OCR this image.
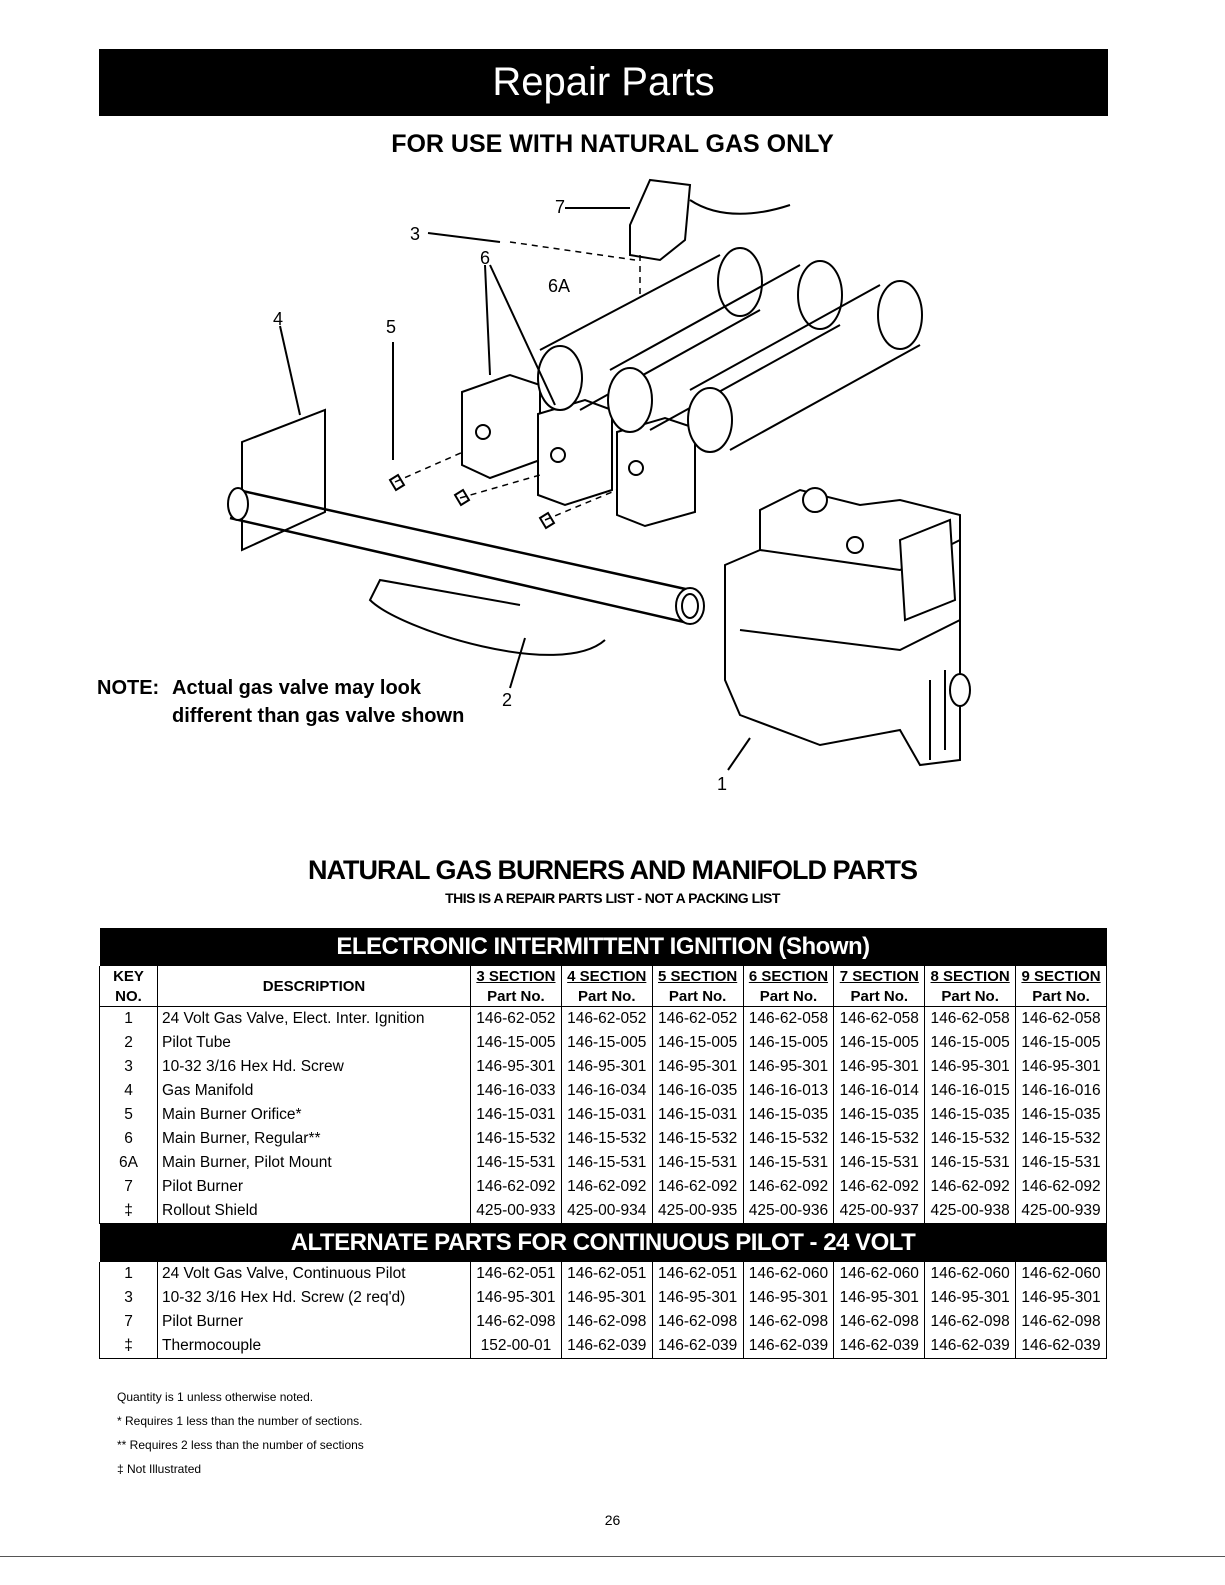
Repair Parts
FOR USE WITH NATURAL GAS ONLY
7
3
6
6A
4	5
2
1
NOTE: Actual gas valve may look
different than gas valve shown
NATURAL GAS BURNERS AND MANIFOLD PARTS
THIS IS A REPAIR PARTS LIST - NOT A PACKING LIST
ELECTRONIC INTERMITTENT IGNITION (Shown)								
KEY	DESCRIPTION	3 SECTION	4 SECTION	5 SECTION	6 SECTION	7 SECTION	8 SECTION	9 SECTION
NO.		Part No.	Part No.	Part No.	Part No.	Part No.	Part No.	Part No.
1	24 Volt Gas Valve, Elect. Inter. Ignition	146-62-052	146-62-052	146-62-052	146-62-058	146-62-058	146-62-058	146-62-058
2	Pilot Tube	146-15-005	146-15-005	146-15-005	146-15-005	146-15-005	146-15-005	146-15-005
3	10-32 3/16 Hex Hd. Screw	146-95-301	146-95-301	146-95-301	146-95-301	146-95-301	146-95-301	146-95-301
4	Gas Manifold	146-16-033	146-16-034	146-16-035	146-16-013	146-16-014	146-16-015	146-16-016
5	Main Burner Orifice*	146-15-031	146-15-031	146-15-031	146-15-035	146-15-035	146-15-035	146-15-035
6	Main Burner, Regular**	146-15-532	146-15-532	146-15-532	146-15-532	146-15-532	146-15-532	146-15-532
6A	Main Burner, Pilot Mount	146-15-531	146-15-531	146-15-531	146-15-531	146-15-531	146-15-531	146-15-531
7	Pilot Burner	146-62-092	146-62-092	146-62-092	146-62-092	146-62-092	146-62-092	146-62-092
‡	Rollout Shield	425-00-933	425-00-934	425-00-935	425-00-936	425-00-937	425-00-938	425-00-939
ALTERNATE PARTS FOR CONTINUOUS PILOT - 24 VOLT								
1	24 Volt Gas Valve, Continuous Pilot	146-62-051	146-62-051	146-62-051	146-62-060	146-62-060	146-62-060	146-62-060
3	10-32 3/16 Hex Hd. Screw (2 req'd)	146-95-301	146-95-301	146-95-301	146-95-301	146-95-301	146-95-301	146-95-301
7	Pilot Burner	146-62-098	146-62-098	146-62-098	146-62-098	146-62-098	146-62-098	146-62-098
‡	Thermocouple	152-00-01	146-62-039	146-62-039	146-62-039	146-62-039	146-62-039	146-62-039
Quantity is 1 unless otherwise noted.
* Requires 1 less than the number of sections.
** Requires 2 less than the number of sections
‡ Not Illustrated
26
